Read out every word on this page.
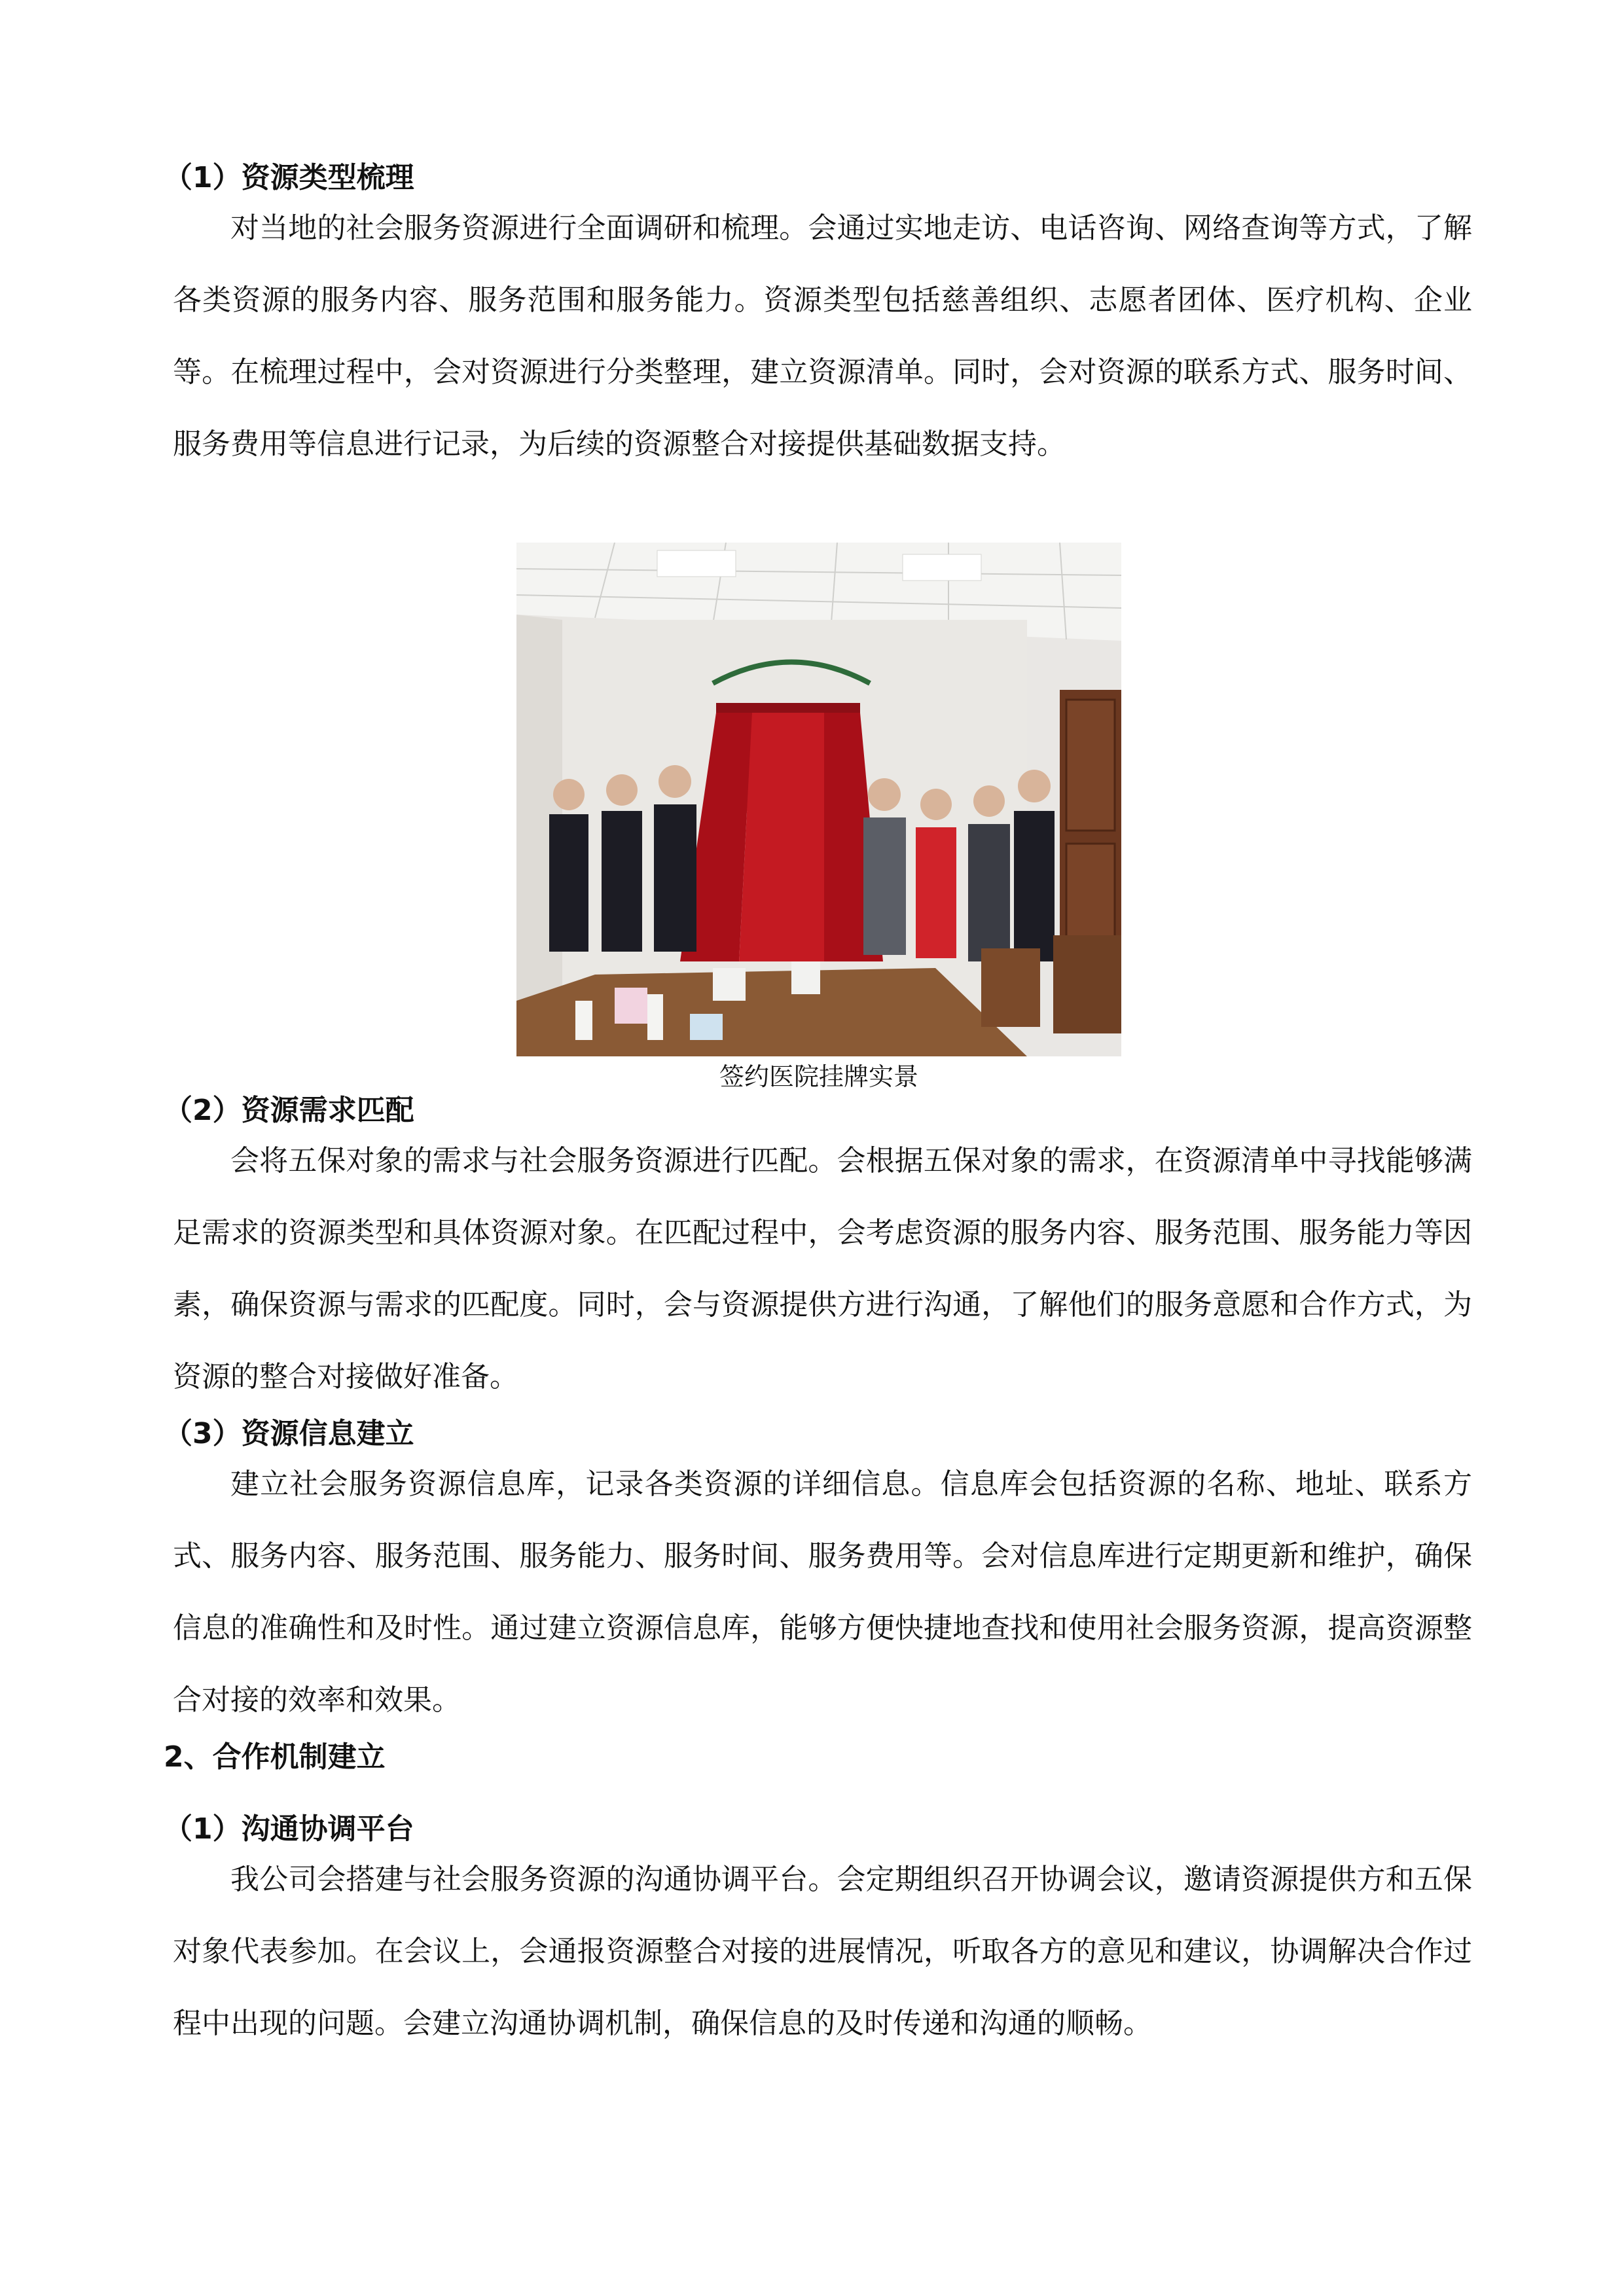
（1）资源类型梳理
对当地的社会服务资源进行全面调研和梳理。会通过实地走访、电话咨询、网络查询等方式，了解各类资源的服务内容、服务范围和服务能力。资源类型包括慈善组织、志愿者团体、医疗机构、企业等。在梳理过程中，会对资源进行分类整理，建立资源清单。同时，会对资源的联系方式、服务时间、服务费用等信息进行记录，为后续的资源整合对接提供基础数据支持。
签约医院挂牌实景
（2）资源需求匹配
会将五保对象的需求与社会服务资源进行匹配。会根据五保对象的需求，在资源清单中寻找能够满足需求的资源类型和具体资源对象。在匹配过程中，会考虑资源的服务内容、服务范围、服务能力等因素，确保资源与需求的匹配度。同时，会与资源提供方进行沟通，了解他们的服务意愿和合作方式，为资源的整合对接做好准备。
（3）资源信息建立
建立社会服务资源信息库，记录各类资源的详细信息。信息库会包括资源的名称、地址、联系方式、服务内容、服务范围、服务能力、服务时间、服务费用等。会对信息库进行定期更新和维护，确保信息的准确性和及时性。通过建立资源信息库，能够方便快捷地查找和使用社会服务资源，提高资源整合对接的效率和效果。
2、合作机制建立
（1）沟通协调平台
我公司会搭建与社会服务资源的沟通协调平台。会定期组织召开协调会议，邀请资源提供方和五保对象代表参加。在会议上，会通报资源整合对接的进展情况，听取各方的意见和建议，协调解决合作过程中出现的问题。会建立沟通协调机制，确保信息的及时传递和沟通的顺畅。
